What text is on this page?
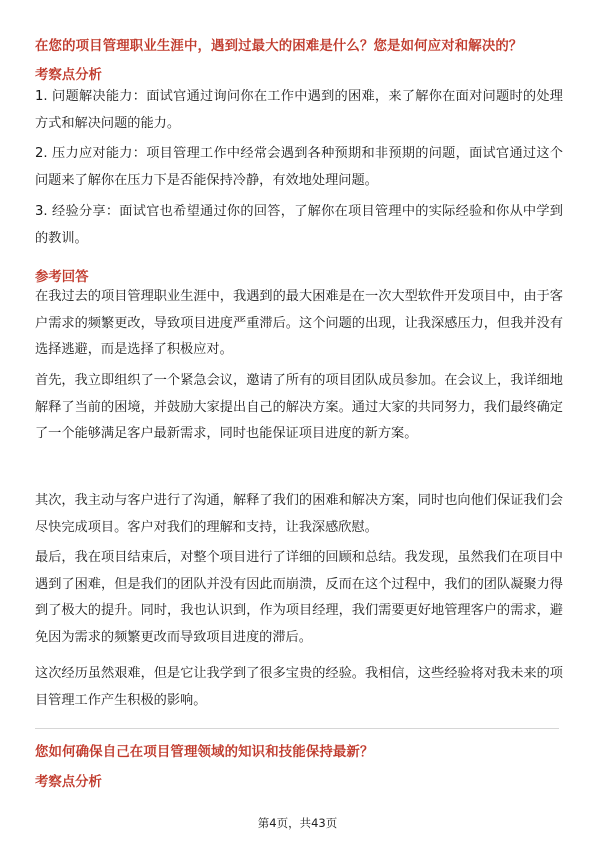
在您的项目管理职业生涯中，遇到过最大的困难是什么？您是如何应对和解决的？
考察点分析
1. 问题解决能力：面试官通过询问你在工作中遇到的困难，来了解你在面对问题时的处理方式和解决问题的能力。
2. 压力应对能力：项目管理工作中经常会遇到各种预期和非预期的问题，面试官通过这个问题来了解你在压力下是否能保持冷静，有效地处理问题。
3. 经验分享：面试官也希望通过你的回答，了解你在项目管理中的实际经验和你从中学到的教训。
参考回答
在我过去的项目管理职业生涯中，我遇到的最大困难是在一次大型软件开发项目中，由于客户需求的频繁更改，导致项目进度严重滞后。这个问题的出现，让我深感压力，但我并没有选择逃避，而是选择了积极应对。
首先，我立即组织了一个紧急会议，邀请了所有的项目团队成员参加。在会议上，我详细地解释了当前的困境，并鼓励大家提出自己的解决方案。通过大家的共同努力，我们最终确定了一个能够满足客户最新需求，同时也能保证项目进度的新方案。
其次，我主动与客户进行了沟通，解释了我们的困难和解决方案，同时也向他们保证我们会尽快完成项目。客户对我们的理解和支持，让我深感欣慰。
最后，我在项目结束后，对整个项目进行了详细的回顾和总结。我发现，虽然我们在项目中遇到了困难，但是我们的团队并没有因此而崩溃，反而在这个过程中，我们的团队凝聚力得到了极大的提升。同时，我也认识到，作为项目经理，我们需要更好地管理客户的需求，避免因为需求的频繁更改而导致项目进度的滞后。
这次经历虽然艰难，但是它让我学到了很多宝贵的经验。我相信，这些经验将对我未来的项目管理工作产生积极的影响。
您如何确保自己在项目管理领域的知识和技能保持最新？
考察点分析
第4页，共43页
